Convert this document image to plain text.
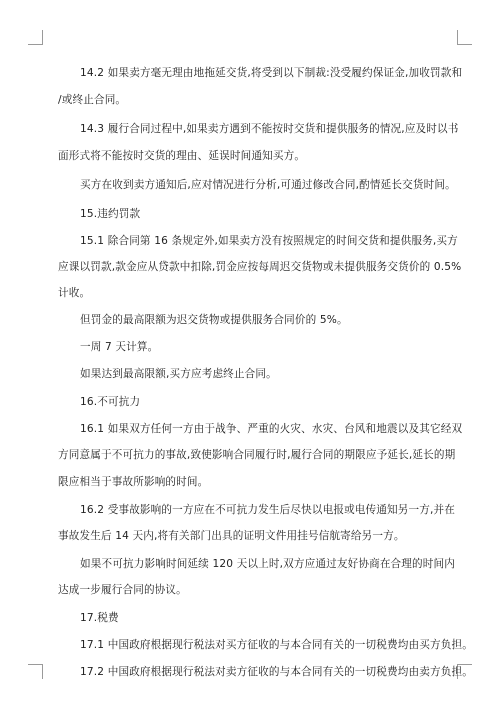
14.2 如果卖方毫无理由地拖延交货,将受到以下制裁:没受履约保证金,加收罚款和
/或终止合同。
14.3 履行合同过程中,如果卖方遇到不能按时交货和提供服务的情况,应及时以书
面形式将不能按时交货的理由、延误时间通知买方。
买方在收到卖方通知后,应对情况进行分析,可通过修改合同,酌情延长交货时间。
15.违约罚款
15.1 除合同第 16 条规定外,如果卖方没有按照规定的时间交货和提供服务,买方
应课以罚款,款金应从贷款中扣除,罚金应按每周迟交货物或未提供服务交货价的 0.5%
计收。
但罚金的最高限额为迟交货物或提供服务合同价的 5%。
一周 7 天计算。
如果达到最高限额,买方应考虑终止合同。
16.不可抗力
16.1 如果双方任何一方由于战争、严重的火灾、水灾、台风和地震以及其它经双
方同意属于不可抗力的事故,致使影响合同履行时,履行合同的期限应予延长,延长的期
限应相当于事故所影响的时间。
16.2 受事故影响的一方应在不可抗力发生后尽快以电报或电传通知另一方,并在
事故发生后 14 天内,将有关部门出具的证明文件用挂号信航寄给另一方。
如果不可抗力影响时间延续 120 天以上时,双方应通过友好协商在合理的时间内
达成一步履行合同的协议。
17.税费
17.1 中国政府根据现行税法对买方征收的与本合同有关的一切税费均由买方负担。
17.2 中国政府根据现行税法对卖方征收的与本合同有关的一切税费均由卖方负担。
